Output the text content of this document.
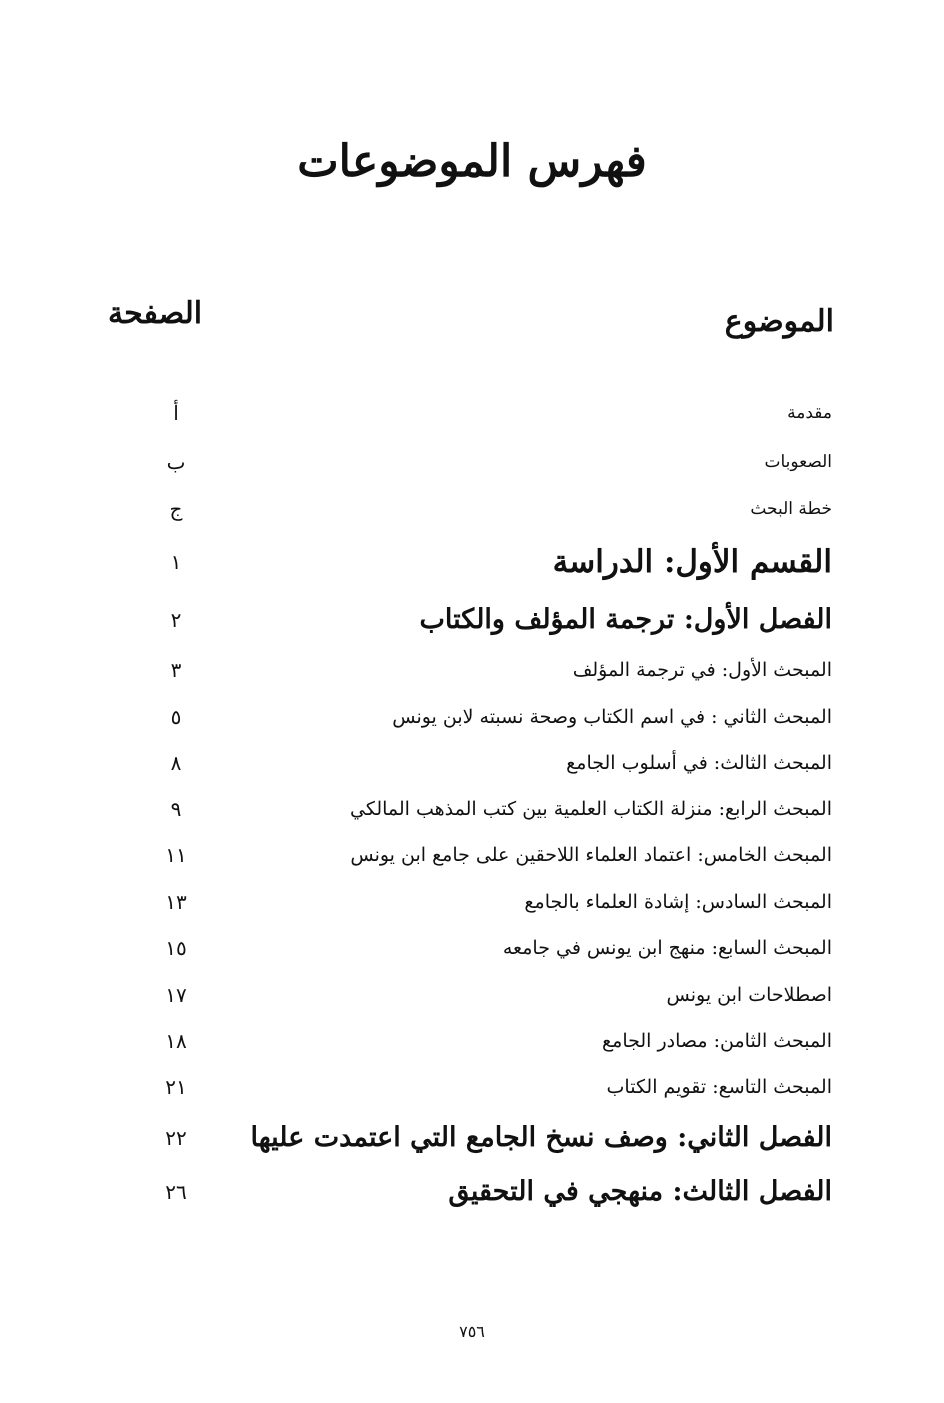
فهرس الموضوعات
الموضوع
الصفحة
مقدمة
أ
الصعوبات
ب
خطة البحث
ج
القسم الأول: الدراسة
١
الفصل الأول: ترجمة المؤلف والكتاب
٢
المبحث الأول: في ترجمة المؤلف
٣
المبحث الثاني : في اسم الكتاب وصحة نسبته لابن يونس
٥
المبحث الثالث: في أسلوب الجامع
٨
المبحث الرابع: منزلة الكتاب العلمية بين كتب المذهب المالكي
٩
المبحث الخامس: اعتماد العلماء اللاحقين على جامع ابن يونس
١١
المبحث السادس: إشادة العلماء بالجامع
١٣
المبحث السابع: منهج ابن يونس في جامعه
١٥
اصطلاحات ابن يونس
١٧
المبحث الثامن: مصادر الجامع
١٨
المبحث التاسع: تقويم الكتاب
٢١
الفصل الثاني: وصف نسخ الجامع التي اعتمدت عليها
٢٢
الفصل الثالث: منهجي في التحقيق
٢٦
٧٥٦
